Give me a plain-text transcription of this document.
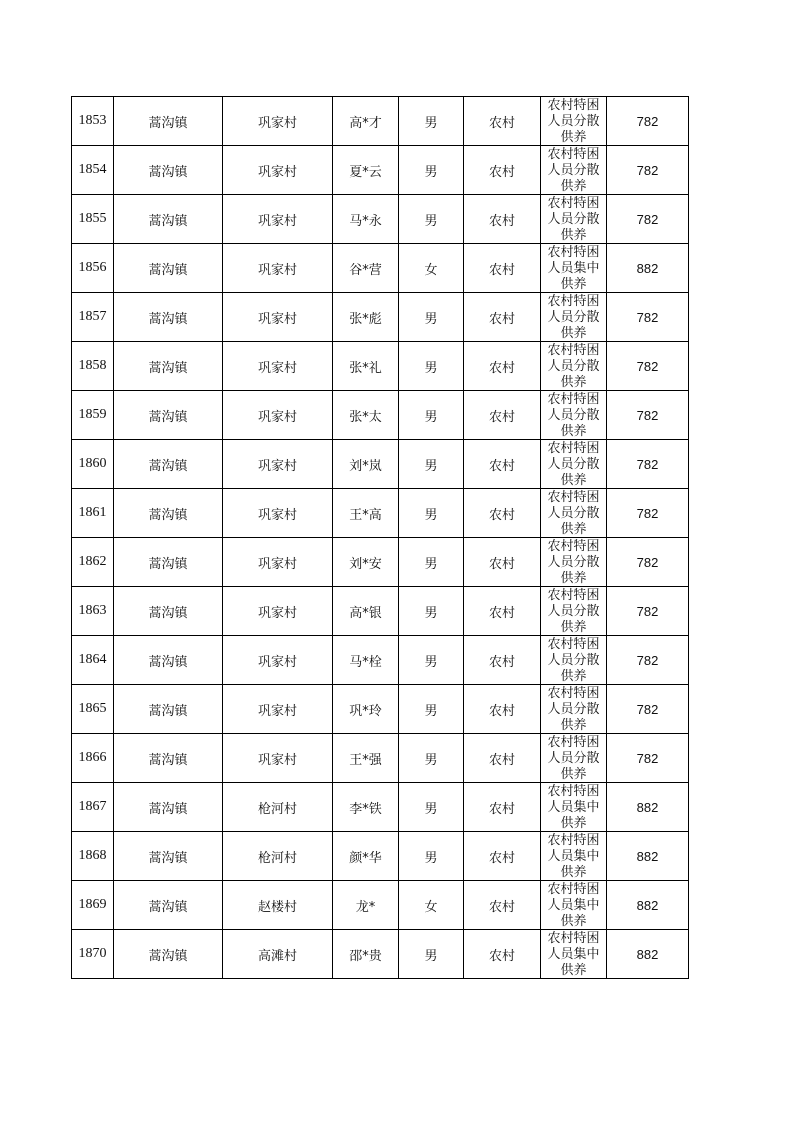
1853	蒿沟镇	巩家村	高*才	男	农村	农村特困人员分散供养	782
1854	蒿沟镇	巩家村	夏*云	男	农村	农村特困人员分散供养	782
1855	蒿沟镇	巩家村	马*永	男	农村	农村特困人员分散供养	782
1856	蒿沟镇	巩家村	谷*营	女	农村	农村特困人员集中供养	882
1857	蒿沟镇	巩家村	张*彪	男	农村	农村特困人员分散供养	782
1858	蒿沟镇	巩家村	张*礼	男	农村	农村特困人员分散供养	782
1859	蒿沟镇	巩家村	张*太	男	农村	农村特困人员分散供养	782
1860	蒿沟镇	巩家村	刘*岚	男	农村	农村特困人员分散供养	782
1861	蒿沟镇	巩家村	王*高	男	农村	农村特困人员分散供养	782
1862	蒿沟镇	巩家村	刘*安	男	农村	农村特困人员分散供养	782
1863	蒿沟镇	巩家村	高*银	男	农村	农村特困人员分散供养	782
1864	蒿沟镇	巩家村	马*栓	男	农村	农村特困人员分散供养	782
1865	蒿沟镇	巩家村	巩*玲	男	农村	农村特困人员分散供养	782
1866	蒿沟镇	巩家村	王*强	男	农村	农村特困人员分散供养	782
1867	蒿沟镇	枪河村	李*铁	男	农村	农村特困人员集中供养	882
1868	蒿沟镇	枪河村	颜*华	男	农村	农村特困人员集中供养	882
1869	蒿沟镇	赵楼村	龙*	女	农村	农村特困人员集中供养	882
1870	蒿沟镇	高滩村	邵*贵	男	农村	农村特困人员集中供养	882
